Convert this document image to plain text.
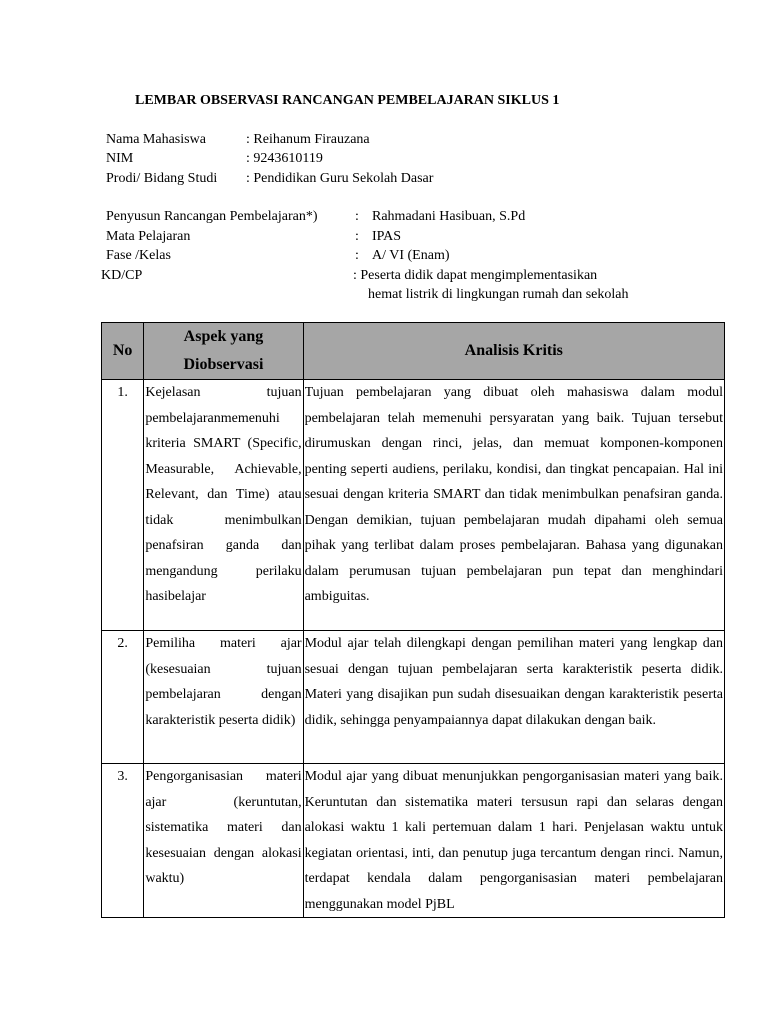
LEMBAR OBSERVASI RANCANGAN PEMBELAJARAN SIKLUS 1
Nama Mahasiswa	: Reihanum Firauzana
NIM	: 9243610119
Prodi/ Bidang Studi : Pendidikan Guru Sekolah Dasar
Penyusun Rancangan Pembelajaran*)	: Rahmadani Hasibuan, S.Pd
Mata Pelajaran	: IPAS
Fase /Kelas	: A/ VI (Enam)
KD/CP	: Peserta didik dapat mengimplementasikan
hemat listrik di lingkungan rumah dan sekolah
No	Aspek yang Diobservasi	Analisis Kritis
1.	Kejelasan tujuan pembelajaranmemenuhi kriteria SMART (Specific, Measurable, Achievable, Relevant, dan Time) atau tidak menimbulkan penafsiran ganda dan mengandung perilaku hasibelajar	Tujuan pembelajaran yang dibuat oleh mahasiswa dalam modul pembelajaran telah memenuhi persyaratan yang baik. Tujuan tersebut dirumuskan dengan rinci, jelas, dan memuat komponen-komponen penting seperti audiens, perilaku, kondisi, dan tingkat pencapaian. Hal ini sesuai dengan kriteria SMART dan tidak menimbulkan penafsiran ganda. Dengan demikian, tujuan pembelajaran mudah dipahami oleh semua pihak yang terlibat dalam proses pembelajaran. Bahasa yang digunakan dalam perumusan tujuan pembelajaran pun tepat dan menghindari ambiguitas.

2.	Pemiliha materi ajar (kesesuaian tujuan pembelajaran dengan karakteristik peserta didik)	Modul ajar telah dilengkapi dengan pemilihan materi yang lengkap dan sesuai dengan tujuan pembelajaran serta karakteristik peserta didik. Materi yang disajikan pun sudah disesuaikan dengan karakteristik peserta didik, sehingga penyampaiannya dapat dilakukan dengan baik.

3.	Pengorganisasian materi ajar (keruntutan, sistematika materi dan kesesuaian dengan alokasi waktu)	Modul ajar yang dibuat menunjukkan pengorganisasian materi yang baik. Keruntutan dan sistematika materi tersusun rapi dan selaras dengan alokasi waktu 1 kali pertemuan dalam 1 hari. Penjelasan waktu untuk kegiatan orientasi, inti, dan penutup juga tercantum dengan rinci. Namun, terdapat kendala dalam pengorganisasian materi pembelajaran menggunakan model PjBL
